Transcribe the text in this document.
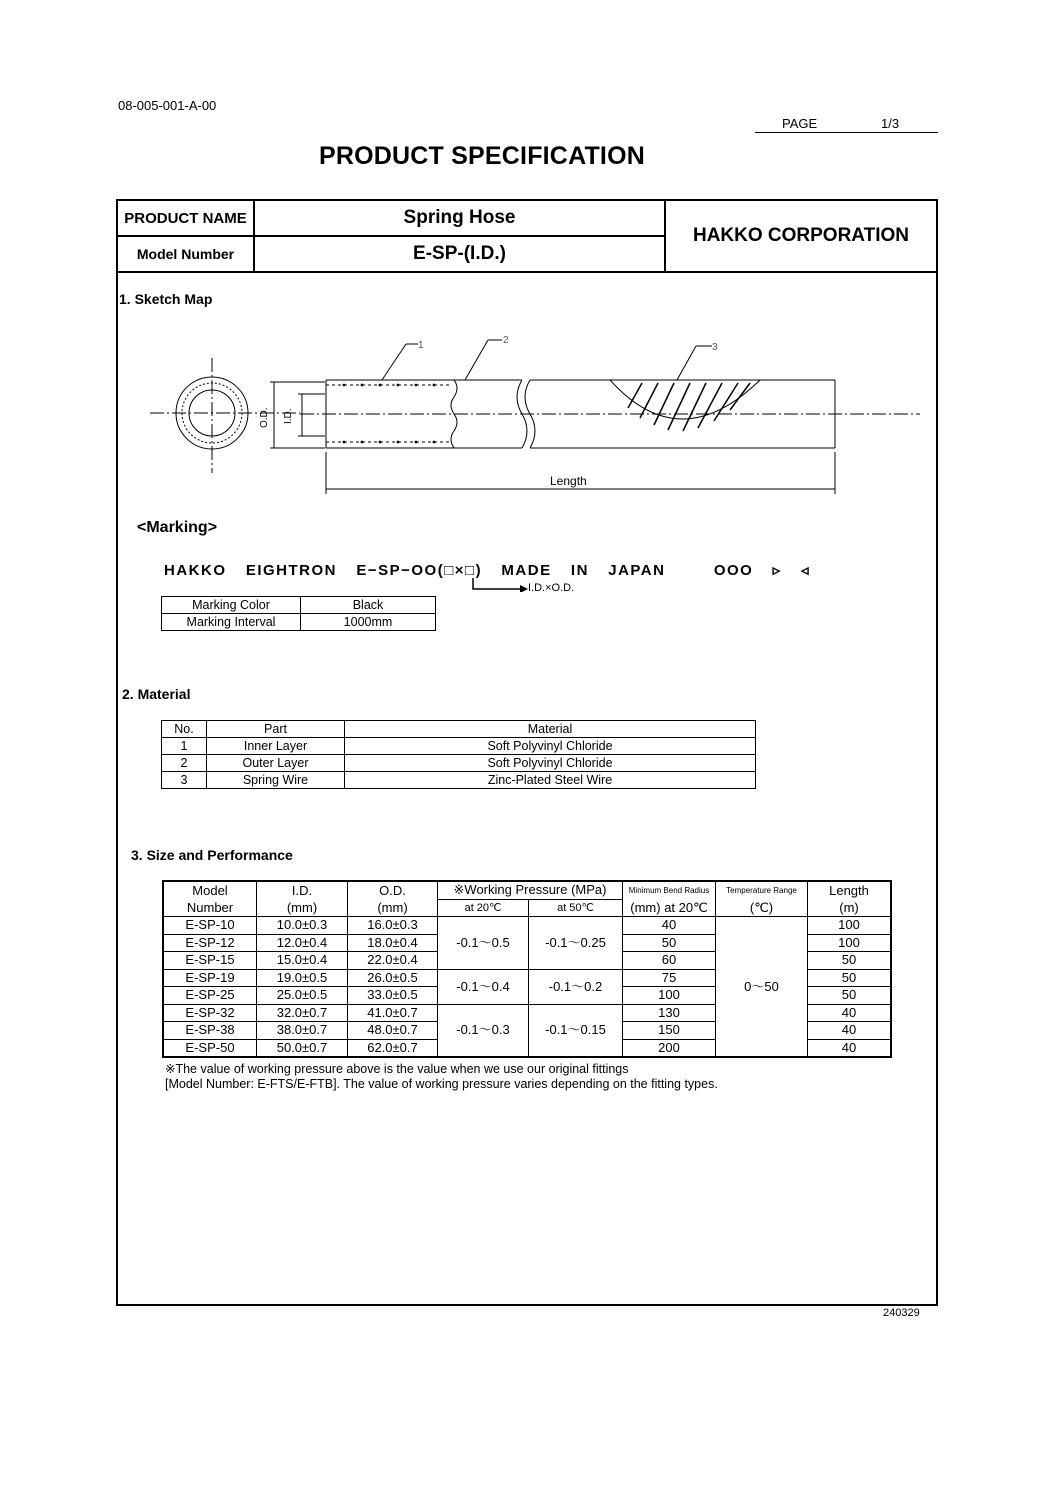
08-005-001-A-00
PAGE	1/3
PRODUCT SPECIFICATION
PRODUCT NAME	Spring Hose
Model Number	E-SP-(I.D.)
HAKKO CORPORATION
1. Sketch Map
1	2
3
O.D. I.D.
Length
<Marking>
HAKKO  EIGHTRON  E−SP−OO(□×□)  MADE  IN  JAPAN     OOO  ▹  ◃
I.D.×O.D.
Marking Color	Black
Marking Interval	1000mm
2. Material
No.	Part	Material
1	Inner Layer	Soft Polyvinyl Chloride
2	Outer Layer	Soft Polyvinyl Chloride
3	Spring Wire	Zinc-Plated Steel Wire
3. Size and Performance
Model	I.D.	O.D.	※Working Pressure (MPa)		Minimum Bend Radius	Temperature Range	Length
Number	(mm)	(mm)	at 20℃	at 50℃	(mm) at 20℃	(℃)	(m)
E-SP-10	10.0±0.3	16.0±0.3	-0.1～0.5	-0.1～0.25	40	0～50	100
E-SP-12	12.0±0.4	18.0±0.4			50		100
E-SP-15	15.0±0.4	22.0±0.4			60		50
E-SP-19	19.0±0.5	26.0±0.5	-0.1～0.4	-0.1～0.2	75		50
E-SP-25	25.0±0.5	33.0±0.5			100		50
E-SP-32	32.0±0.7	41.0±0.7	-0.1～0.3	-0.1～0.15	130		40
E-SP-38	38.0±0.7	48.0±0.7			150		40
E-SP-50	50.0±0.7	62.0±0.7			200		40
※The value of working pressure above is the value when we use our original fittings
[Model Number: E-FTS/E-FTB]. The value of working pressure varies depending on the fitting types.
240329
